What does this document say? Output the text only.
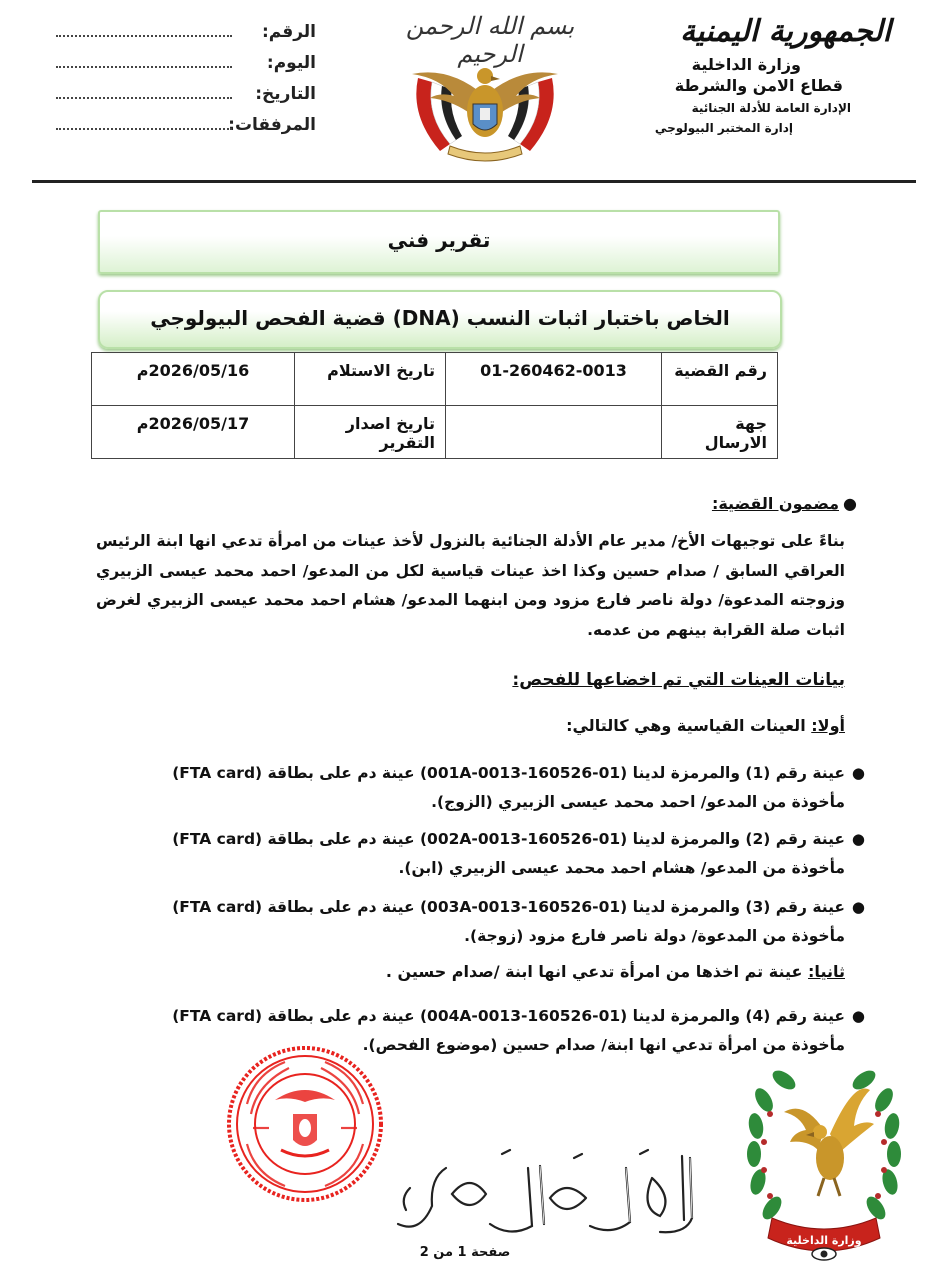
الجمهورية اليمنية
وزارة الداخلية
قطاع الامن والشرطة
الإدارة العامة للأدلة الجنائية
إدارة المختبر البيولوجي
بسم الله الرحمن الرحيم
الرقم:
اليوم:
التاريخ:
المرفقات:
تقرير فني
قضية الفحص البيولوجي (DNA) الخاص باختبار اثبات النسب
رقم القضية	01-260462-0013	تاريخ الاستلام	2026/05/16م
جهة الارسال		تاريخ اصدار التقرير	2026/05/17م
●
مضمون القضية:
بناءً على توجيهات الأخ/ مدير عام الأدلة الجنائية بالنزول لأخذ عينات من امرأة تدعي انها ابنة الرئيس العراقي السابق / صدام حسين وكذا اخذ عينات قياسية لكل من المدعو/ احمد محمد عيسى الزبيري وزوجته المدعوة/ دولة ناصر فارع مزود ومن ابنهما المدعو/ هشام احمد محمد عيسى الزبيري لغرض اثبات صلة القرابة بينهم من عدمه.
بيانات العينات التي تم اخضاعها للفحص:
أولا: العينات القياسية وهي كالتالي:
●
عينة رقم (1) والمرمزة لدينا (01-160526-0013-001A) عينة دم على بطاقة (FTA card)
مأخوذة من المدعو/ احمد محمد عيسى الزبيري (الزوج).
●
عينة رقم (2) والمرمزة لدينا (01-160526-0013-002A) عينة دم على بطاقة (FTA card)
مأخوذة من المدعو/ هشام احمد محمد عيسى الزبيري (ابن).
●
عينة رقم (3) والمرمزة لدينا (01-160526-0013-003A) عينة دم على بطاقة (FTA card)
مأخوذة من المدعوة/ دولة ناصر فارع مزود (زوجة).
ثانيا: عينة تم اخذها من امرأة تدعي انها ابنة /صدام حسين .
●
عينة رقم (4) والمرمزة لدينا (01-160526-0013-004A) عينة دم على بطاقة (FTA card)
مأخوذة من امرأة تدعي انها ابنة/ صدام حسين (موضوع الفحص).
وزارة الداخلية
صفحة 1 من 2
